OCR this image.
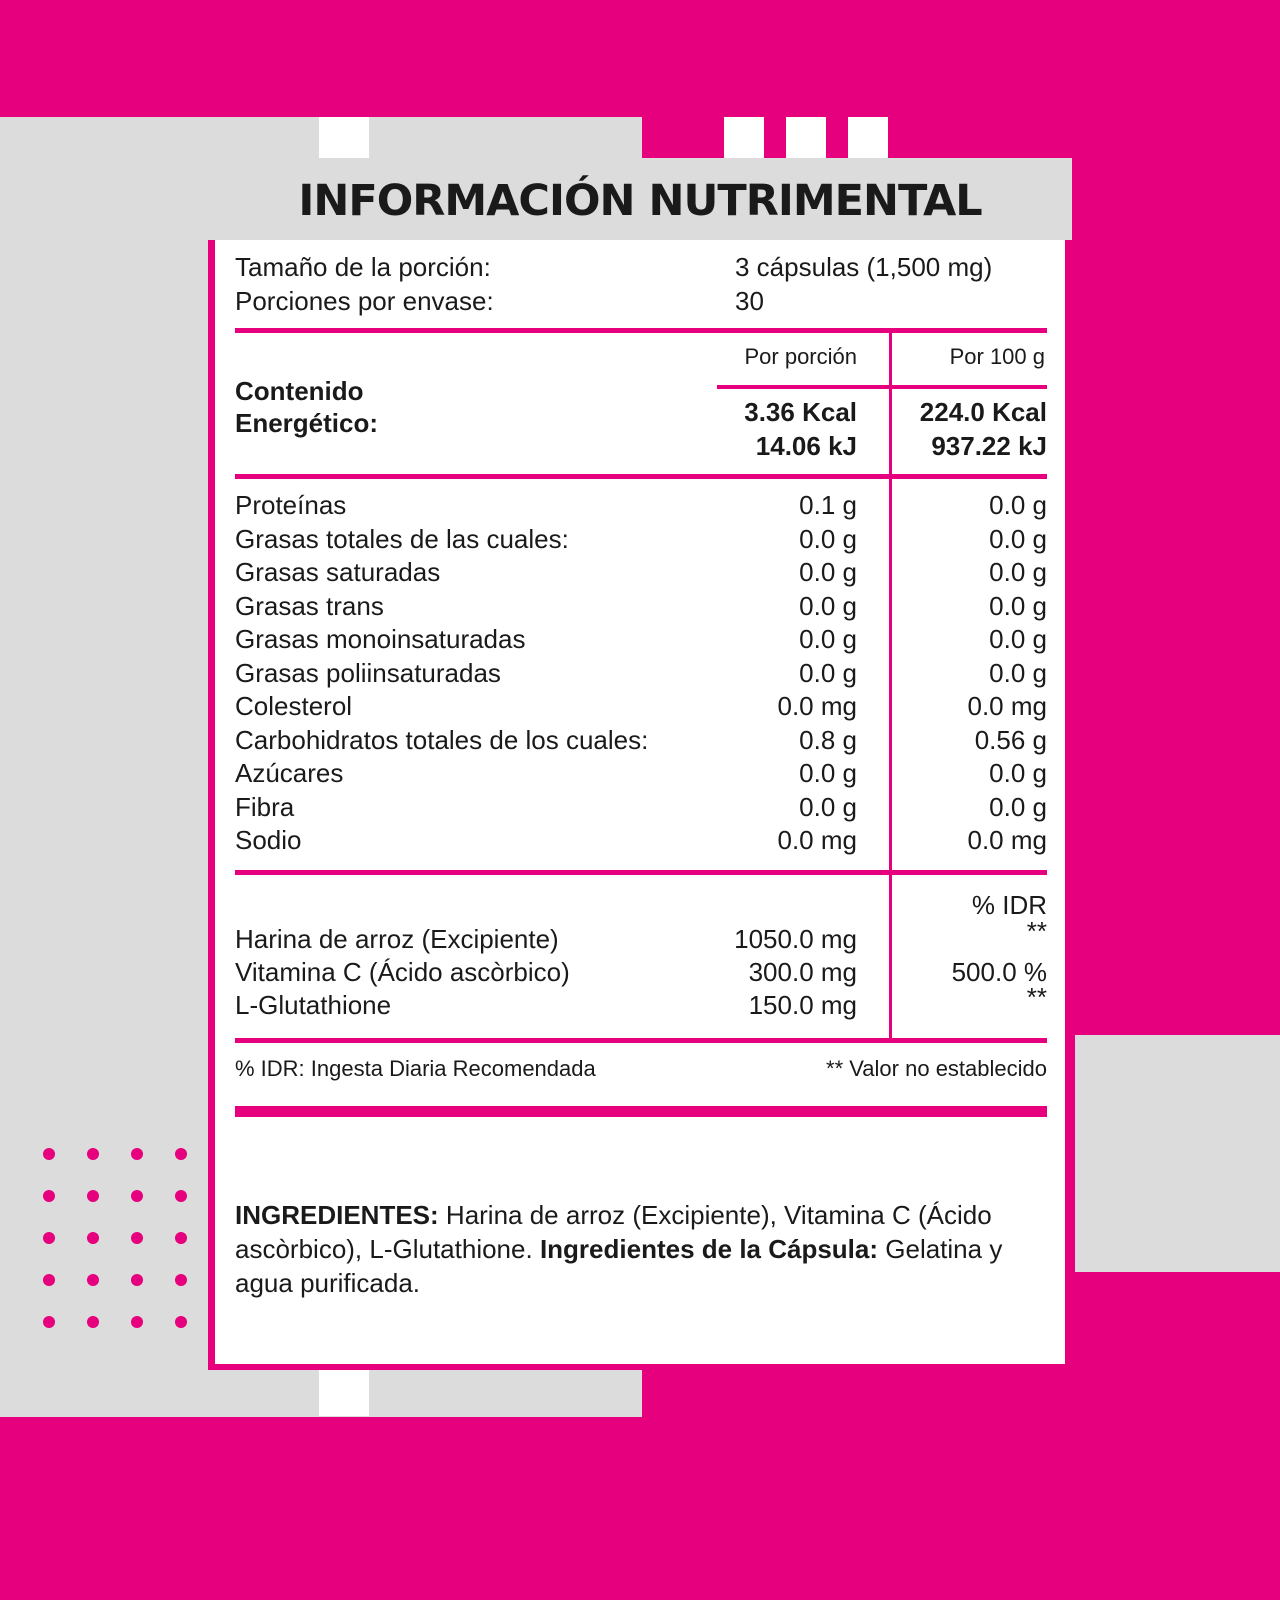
INFORMACIÓN NUTRIMENTAL
Tamaño de la porción:	3 cápsulas (1,500 mg)
Porciones por envase:	30
Por porción	Por 100 g
Contenido
Energético:	3.36 Kcal	224.0 Kcal
14.06 kJ	937.22 kJ
Proteínas	0.1 g	0.0 g
Grasas totales de las cuales:	0.0 g	0.0 g
Grasas saturadas	0.0 g	0.0 g
Grasas trans	0.0 g	0.0 g
Grasas monoinsaturadas	0.0 g	0.0 g
Grasas poliinsaturadas	0.0 g	0.0 g
Colesterol	0.0 mg	0.0 mg
Carbohidratos totales de los cuales:	0.8 g	0.56 g
Azúcares	0.0 g	0.0 g
Fibra	0.0 g	0.0 g
Sodio	0.0 mg	0.0 mg
% IDR
Harina de arroz (Excipiente)	1050.0 mg	**
Vitamina C (Ácido ascòrbico)	300.0 mg	500.0 %
L-Glutathione	150.0 mg	**
% IDR: Ingesta Diaria Recomendada	** Valor no establecido
INGREDIENTES: Harina de arroz (Excipiente), Vitamina C (Ácido ascòrbico), L-Glutathione. Ingredientes de la Cápsula: Gelatina y agua purificada.
